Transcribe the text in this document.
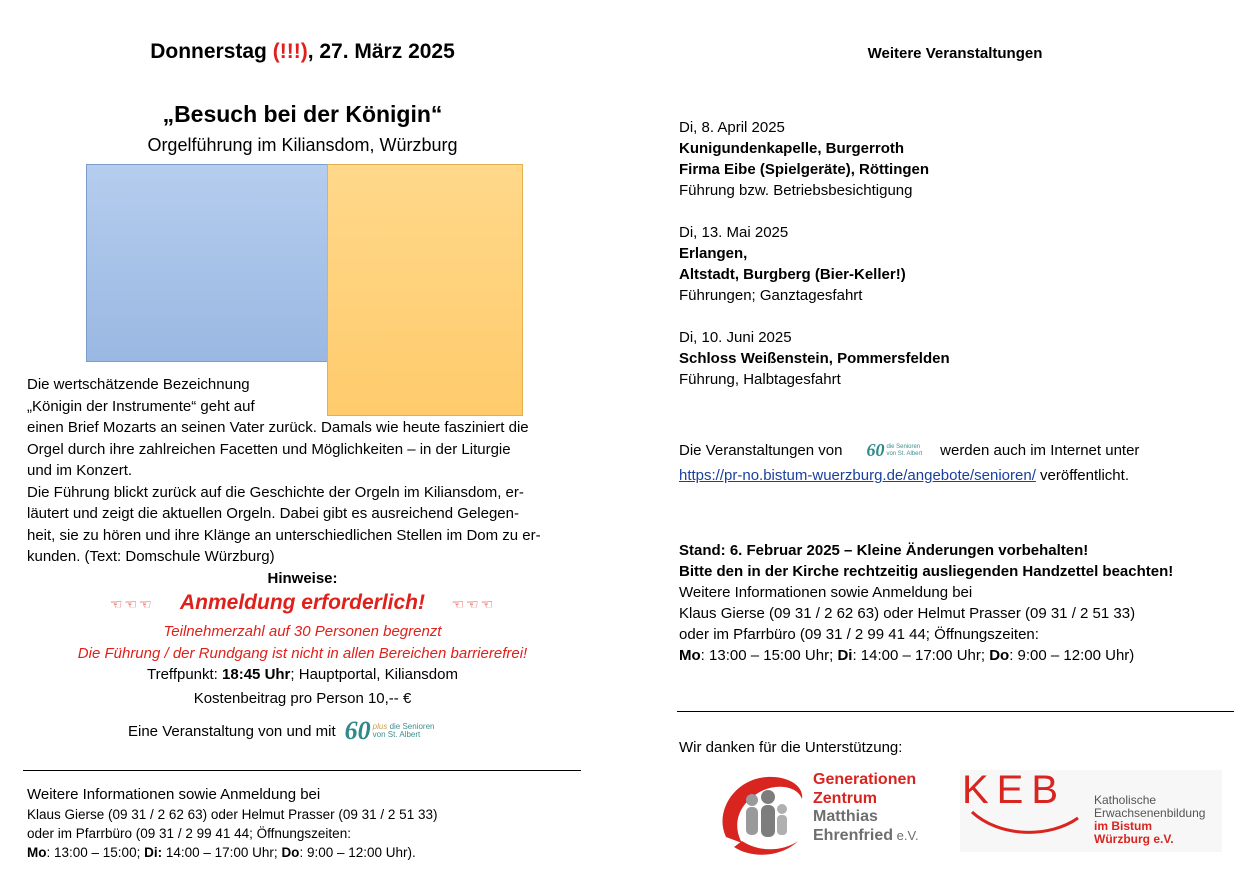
Donnerstag (!!!), 27. März 2025
„Besuch bei der Königin“
Orgelführung im Kiliansdom, Würzburg
Die wertschätzende Bezeichnung
„Königin der Instrumente“ geht auf
einen Brief Mozarts an seinen Vater zurück. Damals wie heute fasziniert die
Orgel durch ihre zahlreichen Facetten und Möglichkeiten – in der Liturgie
und im Konzert.
Die Führung blickt zurück auf die Geschichte der Orgeln im Kiliansdom, er-
läutert und zeigt die aktuellen Orgeln. Dabei gibt es ausreichend Gelegen-
heit, sie zu hören und ihre Klänge an unterschiedlichen Stellen im Dom zu er-
kunden. (Text: Domschule Würzburg)
Hinweise:
☜☜☜ Anmeldung erforderlich! ☜☜☜
Teilnehmerzahl auf 30 Personen begrenzt
Die Führung / der Rundgang ist nicht in allen Bereichen barrierefrei!
Treffpunkt: 18:45 Uhr; Hauptportal, Kiliansdom
Kostenbeitrag pro Person 10,-- €
Eine Veranstaltung von und mit 60 plus die Senioren
von St. Albert
Weitere Informationen sowie Anmeldung bei
Klaus Gierse (09 31 / 2 62 63) oder Helmut Prasser (09 31 / 2 51 33)
oder im Pfarrbüro (09 31 / 2 99 41 44; Öffnungszeiten:
Mo: 13:00 – 15:00; Di: 14:00 – 17:00 Uhr; Do: 9:00 – 12:00 Uhr).
Weitere Veranstaltungen
Di, 8. April 2025
Kunigundenkapelle, Burgerroth
Firma Eibe (Spielgeräte), Röttingen
Führung bzw. Betriebsbesichtigung
Di, 13. Mai 2025
Erlangen,
Altstadt, Burgberg (Bier-Keller!)
Führungen; Ganztagesfahrt
Di, 10. Juni 2025
Schloss Weißenstein, Pommersfelden
Führung, Halbtagesfahrt
Die Veranstaltungen von 60 die Senioren
von St. Albert werden auch im Internet unter
https://pr-no.bistum-wuerzburg.de/angebote/senioren/ veröffentlicht.
Stand: 6. Februar 2025 – Kleine Änderungen vorbehalten!
Bitte den in der Kirche rechtzeitig ausliegenden Handzettel beachten!
Weitere Informationen sowie Anmeldung bei
Klaus Gierse (09 31 / 2 62 63) oder Helmut Prasser (09 31 / 2 51 33)
oder im Pfarrbüro (09 31 / 2 99 41 44; Öffnungszeiten:
Mo: 13:00 – 15:00 Uhr; Di: 14:00 – 17:00 Uhr; Do: 9:00 – 12:00 Uhr)
Wir danken für die Unterstützung:
Generationen
Zentrum
Matthias
Ehrenfried e.V.
KEB Katholische
Erwachsenenbildung
im Bistum
Würzburg e.V.
